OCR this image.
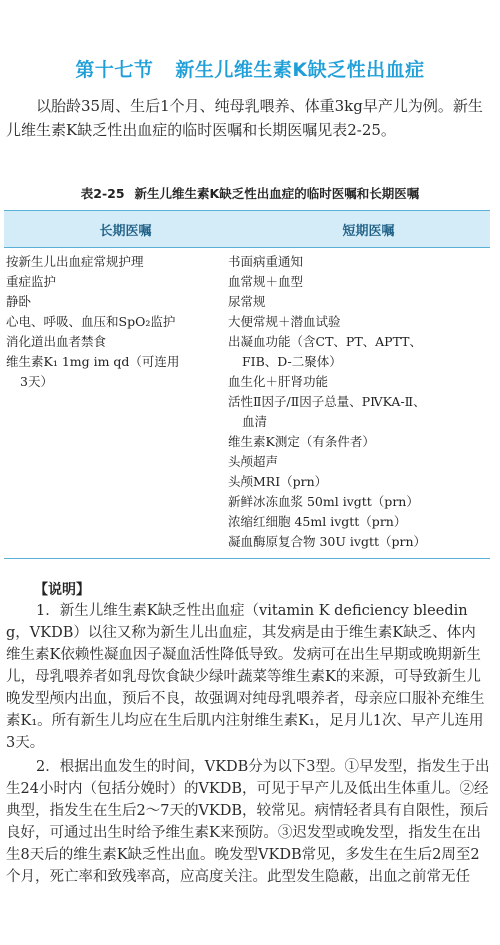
第十七节 新生儿维生素K缺乏性出血症
以胎龄35周、生后1个月、纯母乳喂养、体重3kg早产儿为例。新生儿维生素K缺乏性出血症的临时医嘱和长期医嘱见表2-25。
表2-25 新生儿维生素K缺乏性出血症的临时医嘱和长期医嘱
长期医嘱	短期医嘱
按新生儿出血症常规护理
重症监护
静卧
心电、呼吸、血压和SpO₂监护
消化道出血者禁食
维生素K₁ 1mg im qd（可连用
3天）
书面病重通知
血常规＋血型
尿常规
大便常规＋潜血试验
出凝血功能（含CT、PT、APTT、
FIB、D-二聚体）
血生化＋肝肾功能
活性Ⅱ因子/Ⅱ因子总量、PⅣKA-Ⅱ、
血清
维生素K测定（有条件者）
头颅超声
头颅MRI（prn）
新鲜冰冻血浆 50ml ivgtt（prn）
浓缩红细胞 45ml ivgtt（prn）
凝血酶原复合物 30U ivgtt（prn）
【说明】

1．新生儿维生素K缺乏性出血症（vitamin K deficiency bleeding，VKDB）以往又称为新生儿出血症，其发病是由于维生素K缺乏、体内维生素K依赖性凝血因子凝血活性降低导致。发病可在出生早期或晚期新生儿，母乳喂养者如乳母饮食缺少绿叶蔬菜等维生素K的来源，可导致新生儿晚发型颅内出血，预后不良，故强调对纯母乳喂养者，母亲应口服补充维生素K₁。所有新生儿均应在生后肌内注射维生素K₁，足月儿1次、早产儿连用3天。

2．根据出血发生的时间，VKDB分为以下3型。①早发型，指发生于出生24小时内（包括分娩时）的VKDB，可见于早产儿及低出生体重儿。②经典型，指发生在生后2～7天的VKDB，较常见。病情轻者具有自限性，预后良好，可通过出生时给予维生素K来预防。③迟发型或晚发型，指发生在出生8天后的维生素K缺乏性出血。晚发型VKDB常见，多发生在生后2周至2个月，死亡率和致残率高，应高度关注。此型发生隐蔽，出血之前常无任
